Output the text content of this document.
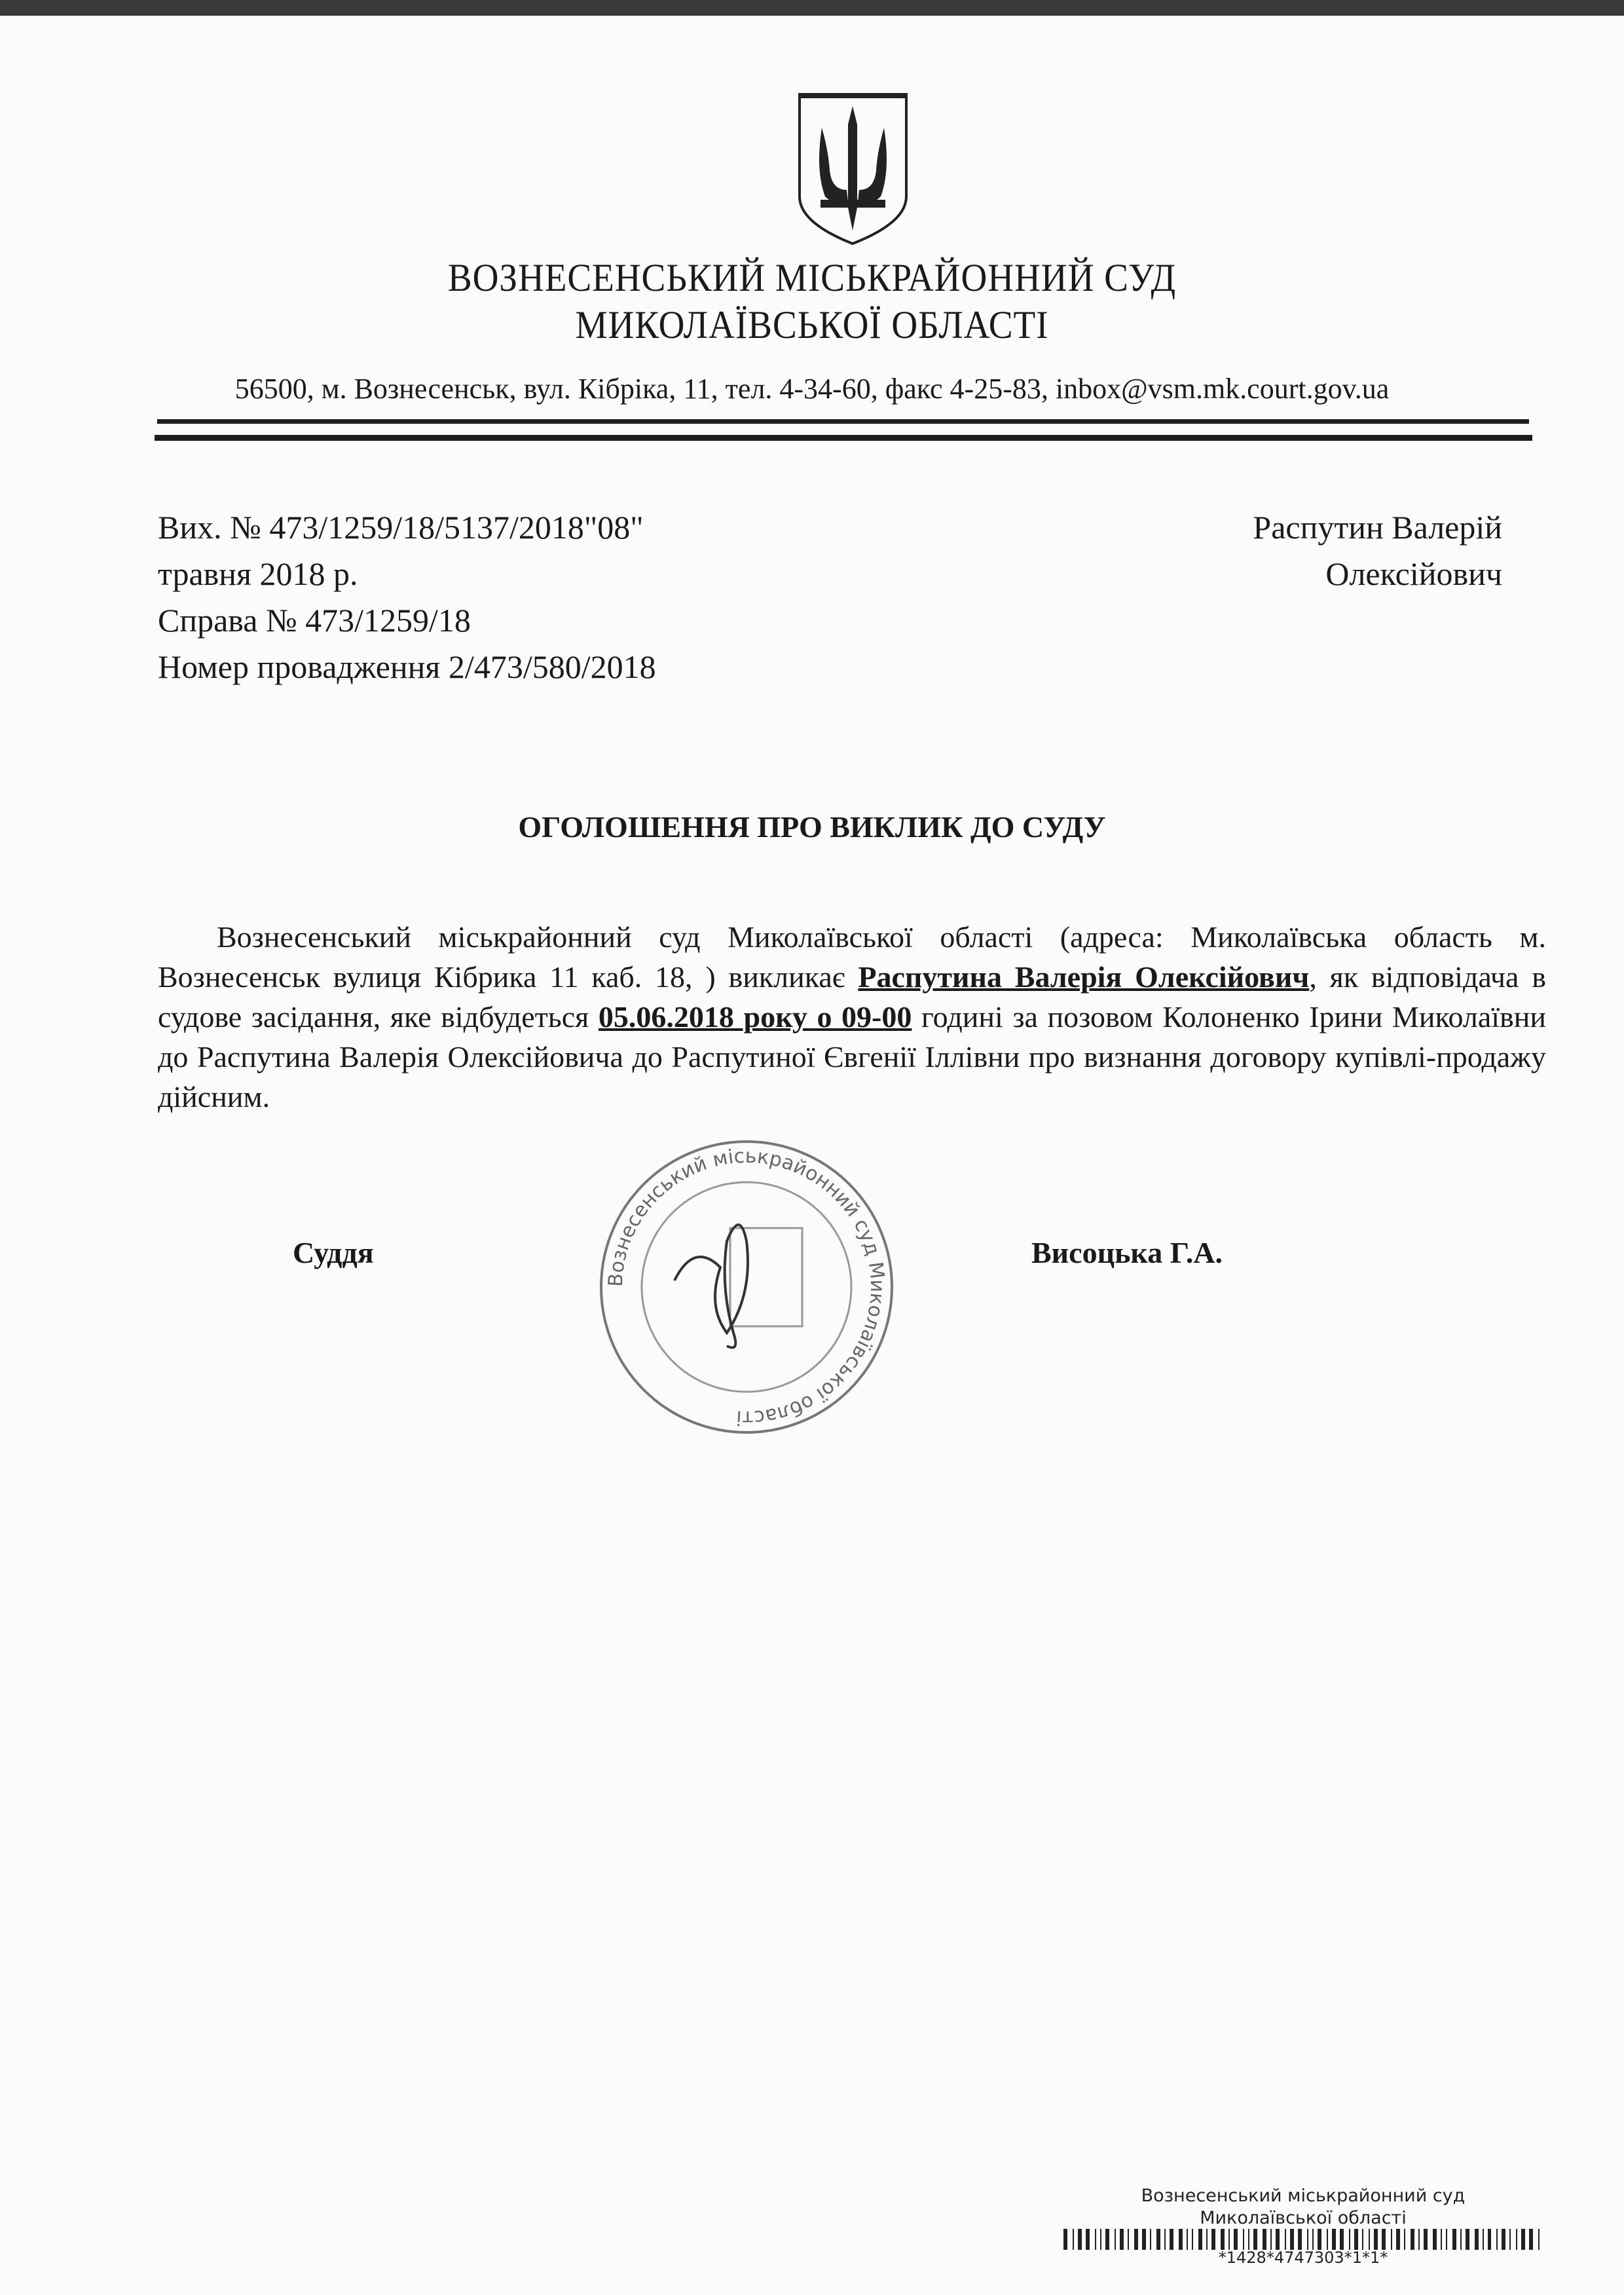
ВОЗНЕСЕНСЬКИЙ МІСЬКРАЙОННИЙ СУД
МИКОЛАЇВСЬКОЇ ОБЛАСТІ
56500, м. Вознесенськ, вул. Кібріка, 11, тел. 4-34-60, факс 4-25-83, inbox@vsm.mk.court.gov.ua
Вих. № 473/1259/18/5137/2018"08"
травня 2018 р.
Справа № 473/1259/18
Номер провадження 2/473/580/2018
Распутин Валерій
Олексійович
ОГОЛОШЕННЯ ПРО ВИКЛИК ДО СУДУ
Вознесенський міськрайонний суд Миколаївської області (адреса: Миколаївська область м. Вознесенськ вулиця Кібрика 11 каб. 18, ) викликає Распутина Валерія Олексійович, як відповідача в судове засідання, яке відбудеться 05.06.2018 року о 09-00 годині за позовом Колоненко Ірини Миколаївни до Распутина Валерія Олексійовича до Распутиної Євгенії Іллівни про визнання договору купівлі-продажу дійсним.
Суддя	Висоцька Г.А.
Вознесенський міськрайонний суд Миколаївської області
Вознесенський міськрайонний суд
Миколаївської області
*1428*4747303*1*1*
